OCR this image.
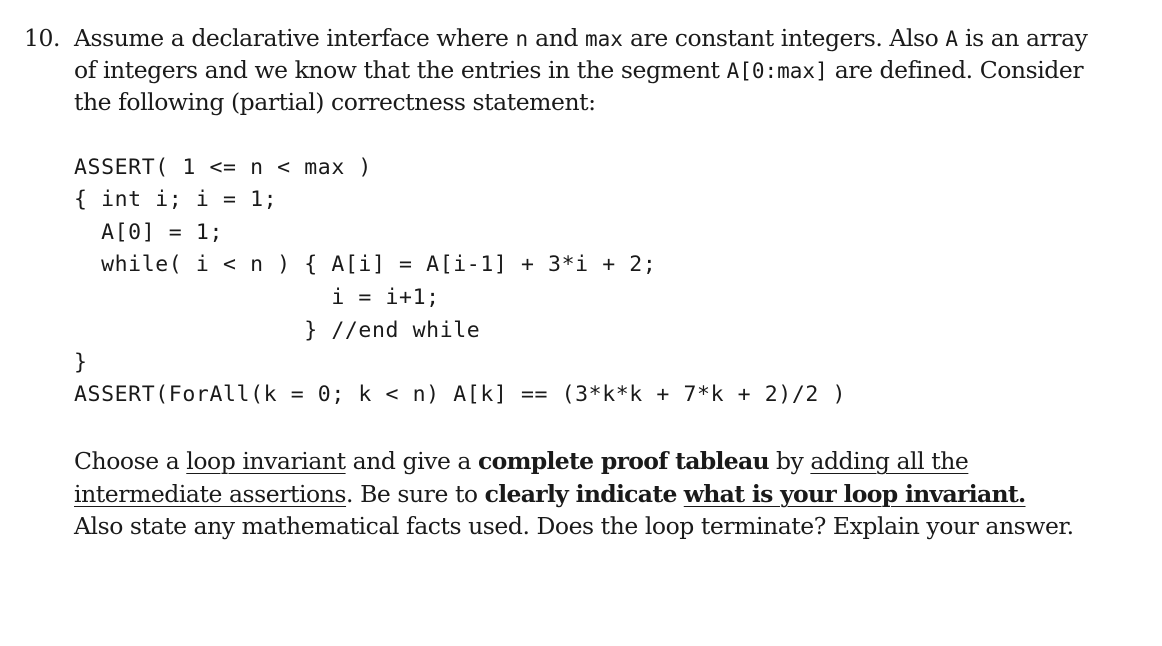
10. Assume a declarative interface where n and max are constant integers. Also A is an array
of integers and we know that the entries in the segment A[0:max] are defined. Consider
the following (partial) correctness statement:
ASSERT( 1 <= n < max )
{ int i; i = 1;
A[0] = 1;
while( i < n ) { A[i] = A[i-1] + 3*i + 2;
i = i+1;
} //end while
}
ASSERT(ForAll(k = 0; k < n) A[k] == (3*k*k + 7*k + 2)/2 )
Choose a loop invariant and give a complete proof tableau by adding all the
intermediate assertions. Be sure to clearly indicate what is your loop invariant.
Also state any mathematical facts used. Does the loop terminate? Explain your answer.
